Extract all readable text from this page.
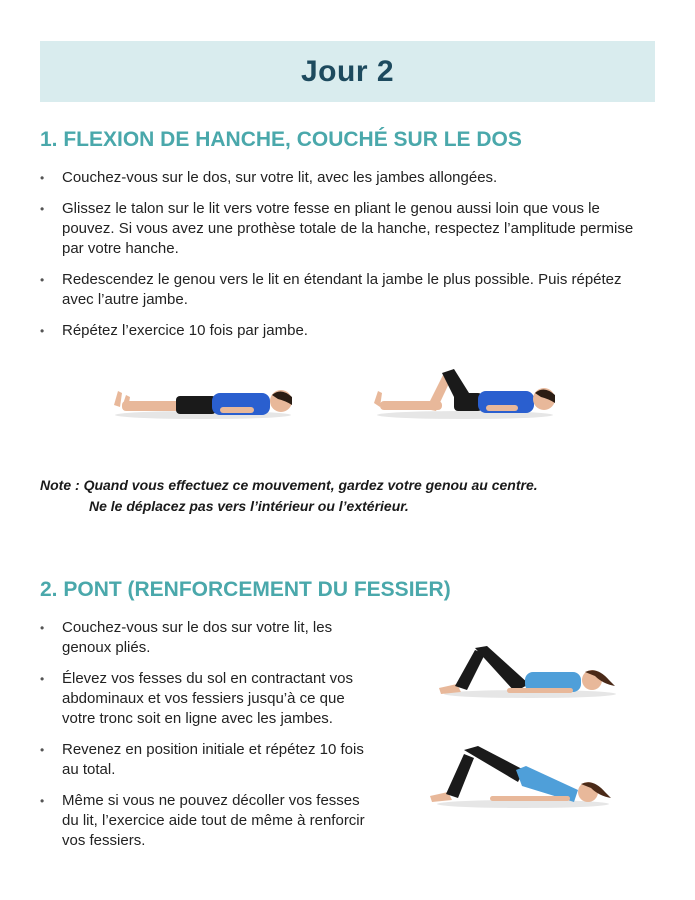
Jour 2
1. FLEXION DE HANCHE, COUCHÉ SUR LE DOS
• Couchez-vous sur le dos, sur votre lit, avec les jambes allongées.
• Glissez le talon sur le lit vers votre fesse en pliant le genou aussi loin que vous le pouvez. Si vous avez une prothèse totale de la hanche, respectez l’amplitude permise par votre hanche.
• Redescendez le genou vers le lit en étendant la jambe le plus possible. Puis répétez avec l’autre jambe.
• Répétez l’exercice 10 fois par jambe.
Note : Quand vous effectuez ce mouvement, gardez votre genou au centre.
Ne le déplacez pas vers l’intérieur ou l’extérieur.
2. PONT (RENFORCEMENT DU FESSIER)
• Couchez-vous sur le dos sur votre lit, les genoux pliés.
• Élevez vos fesses du sol en contractant vos abdominaux et vos fessiers jusqu’à ce que votre tronc soit en ligne avec les jambes.
• Revenez en position initiale et répétez 10 fois au total.
• Même si vous ne pouvez décoller vos fesses du lit, l’exercice aide tout de même à renforcir vos fessiers.
